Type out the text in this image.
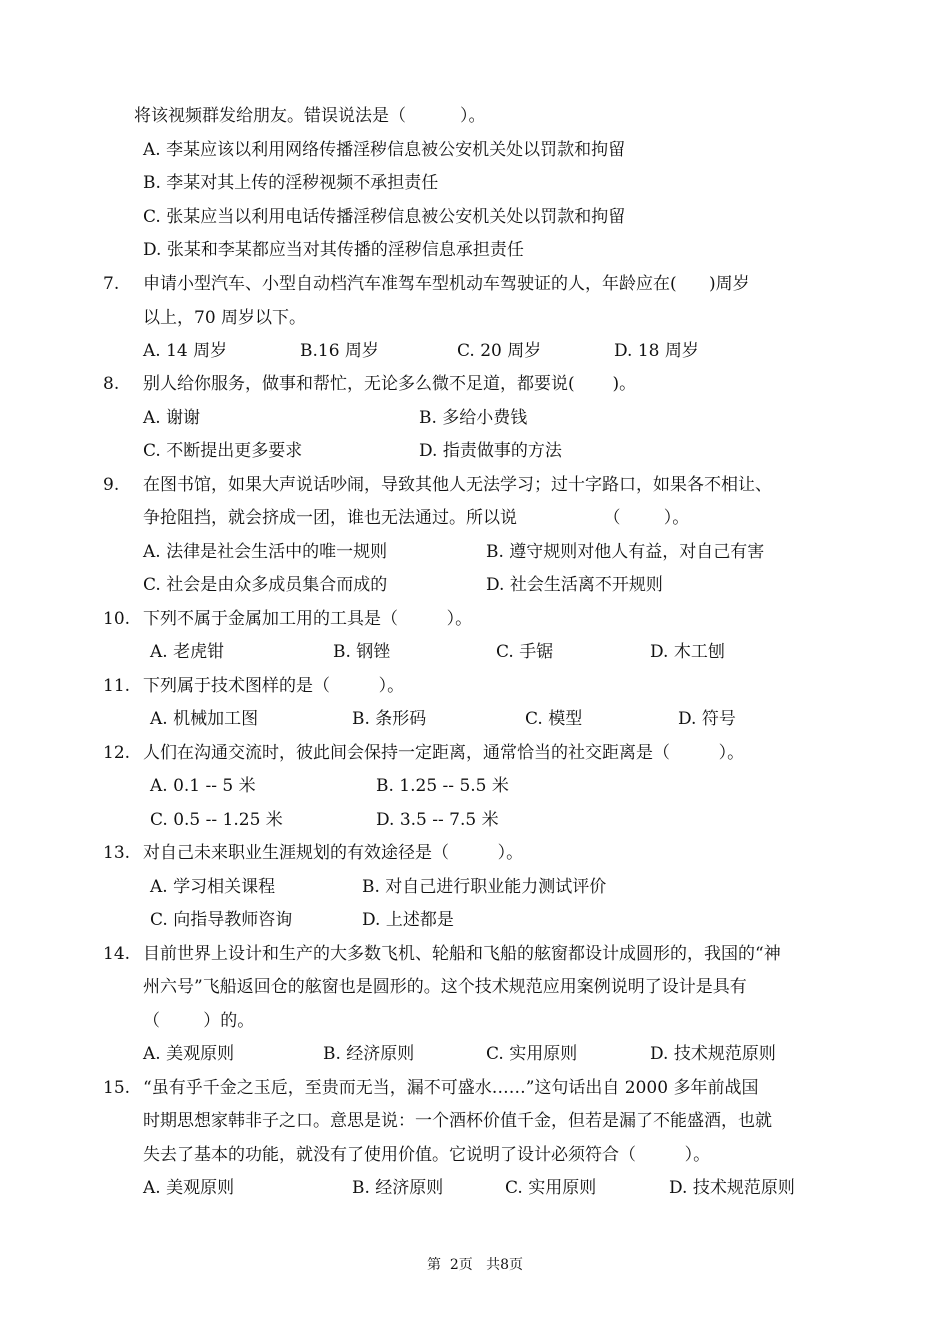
将该视频群发给朋友。错误说法是（          ）。
A. 李某应该以利用网络传播淫秽信息被公安机关处以罚款和拘留
B. 李某对其上传的淫秽视频不承担责任
C. 张某应当以利用电话传播淫秽信息被公安机关处以罚款和拘留
D. 张某和李某都应当对其传播的淫秽信息承担责任
7. 申请小型汽车、小型自动档汽车准驾车型机动车驾驶证的人，年龄应在(      )周岁
以上，70 周岁以下。
A. 14 周岁	B.16 周岁	C. 20 周岁	D. 18 周岁
8. 别人给你服务，做事和帮忙，无论多么微不足道，都要说(       )。
A. 谢谢	B. 多给小费钱
C. 不断提出更多要求	D. 指责做事的方法
9. 在图书馆，如果大声说话吵闹，导致其他人无法学习；过十字路口，如果各不相让、
争抢阻挡，就会挤成一团，谁也无法通过。所以说                （        ）。
A. 法律是社会生活中的唯一规则	B. 遵守规则对他人有益，对自己有害
C. 社会是由众多成员集合而成的	D. 社会生活离不开规则
10. 下列不属于金属加工用的工具是（         ）。
A. 老虎钳	B. 钢锉	C. 手锯	D. 木工刨
11. 下列属于技术图样的是（         ）。
A. 机械加工图	B. 条形码	C. 模型	D. 符号
12. 人们在沟通交流时，彼此间会保持一定距离，通常恰当的社交距离是（         ）。
A. 0.1 -- 5 米	B. 1.25 -- 5.5 米
C. 0.5 -- 1.25 米	D. 3.5 -- 7.5 米
13. 对自己未来职业生涯规划的有效途径是（         ）。
A. 学习相关课程	B. 对自己进行职业能力测试评价
C. 向指导教师咨询	D. 上述都是
14. 目前世界上设计和生产的大多数飞机、轮船和飞船的舷窗都设计成圆形的，我国的“神
州六号”飞船返回仓的舷窗也是圆形的。这个技术规范应用案例说明了设计是具有
（        ）的。
A. 美观原则	B. 经济原则	C. 实用原则	D. 技术规范原则
15. “虽有乎千金之玉卮，至贵而无当，漏不可盛水……”这句话出自 2000 多年前战国
时期思想家韩非子之口。意思是说：一个酒杯价值千金，但若是漏了不能盛酒，也就
失去了基本的功能，就没有了使用价值。它说明了设计必须符合（         ）。
A. 美观原则	B. 经济原则	C. 实用原则	D. 技术规范原则
第  2页   共8页
